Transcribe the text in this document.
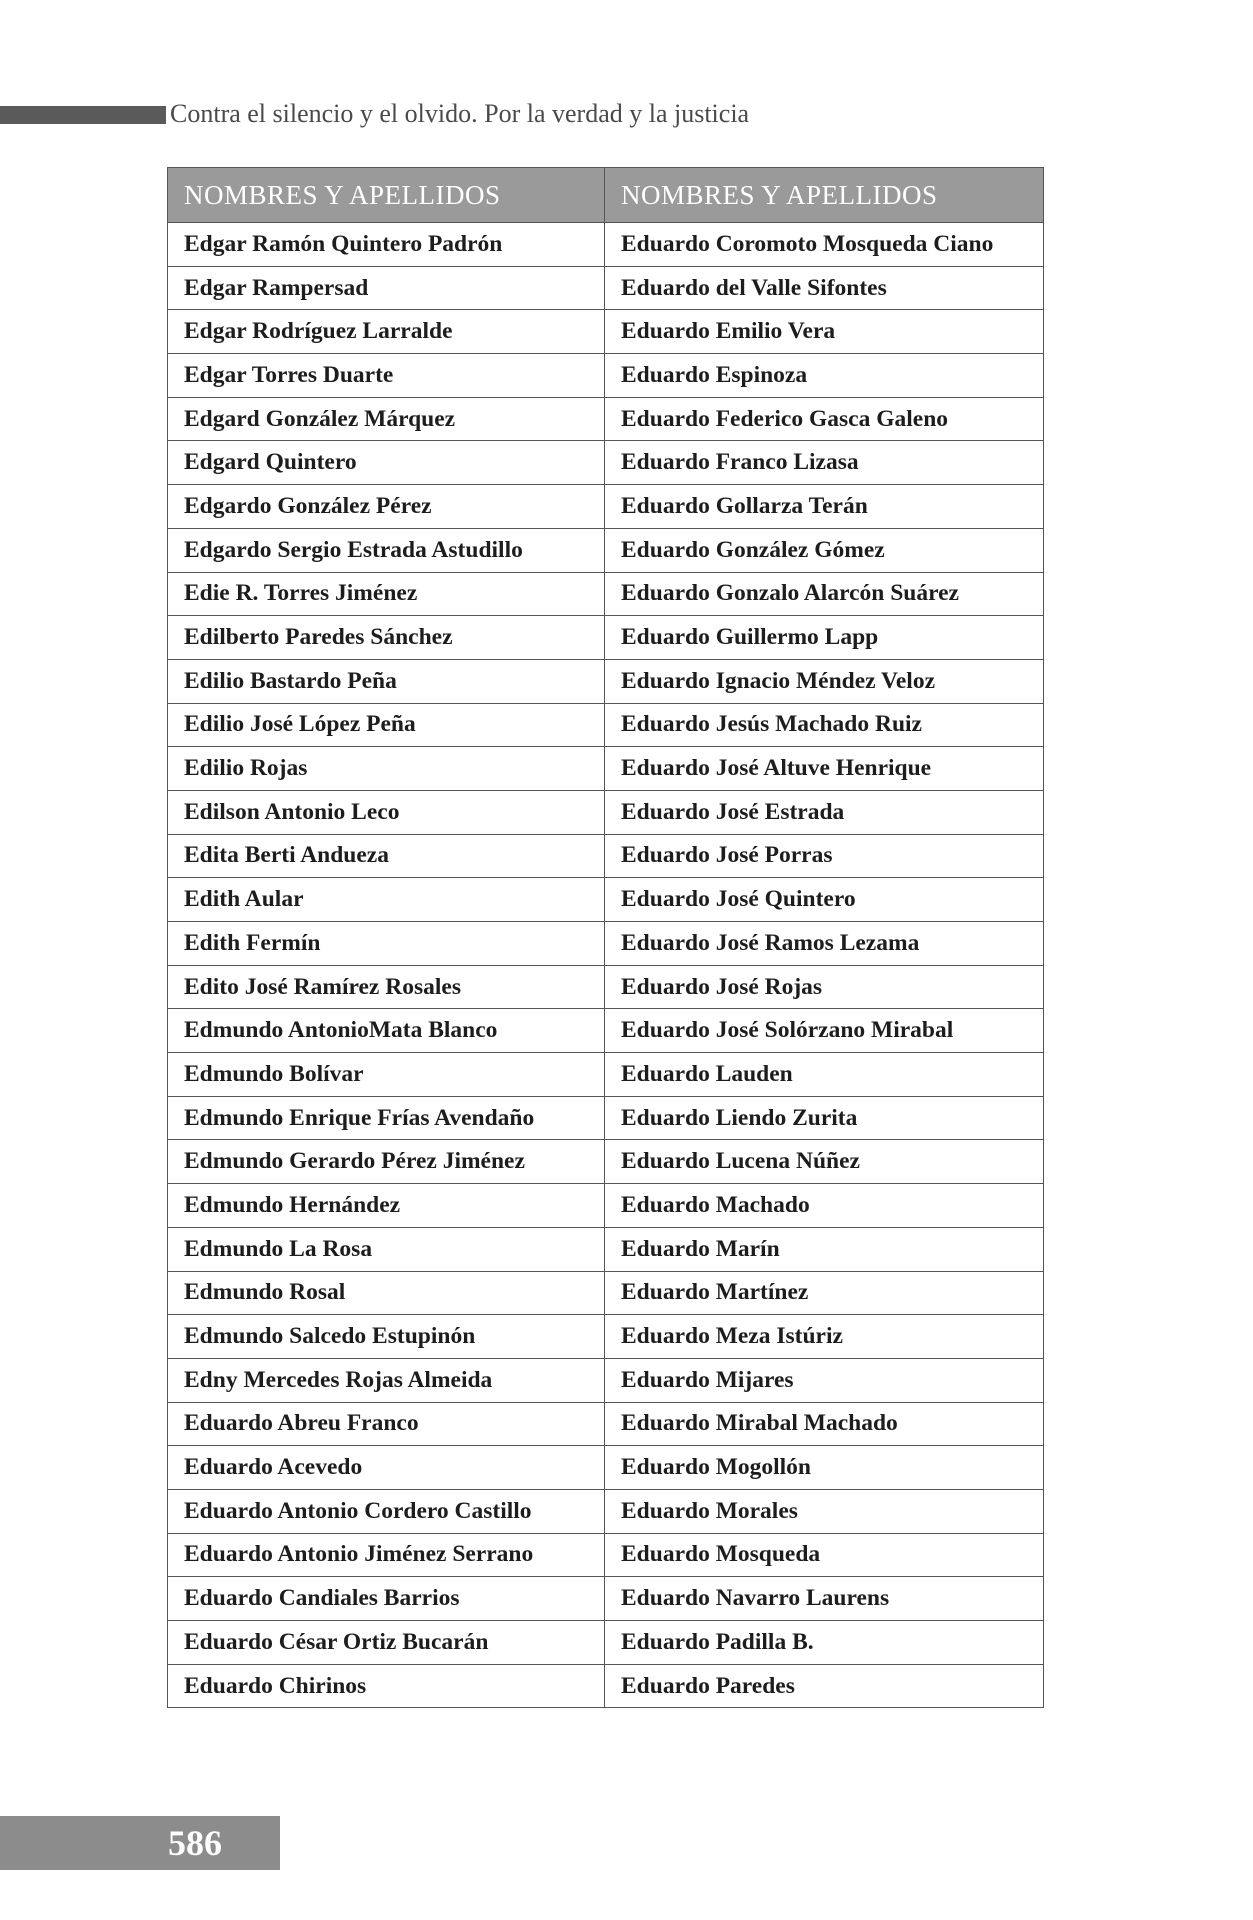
Contra el silencio y el olvido. Por la verdad y la justicia
NOMBRES Y APELLIDOS	NOMBRES Y APELLIDOS
Edgar Ramón Quintero Padrón	Eduardo Coromoto Mosqueda Ciano
Edgar Rampersad	Eduardo del Valle Sifontes
Edgar Rodríguez Larralde	Eduardo Emilio Vera
Edgar Torres Duarte	Eduardo Espinoza
Edgard González Márquez	Eduardo Federico Gasca Galeno
Edgard Quintero	Eduardo Franco Lizasa
Edgardo González Pérez	Eduardo Gollarza Terán
Edgardo Sergio Estrada Astudillo	Eduardo González Gómez
Edie R. Torres Jiménez	Eduardo Gonzalo Alarcón Suárez
Edilberto Paredes Sánchez	Eduardo Guillermo Lapp
Edilio Bastardo Peña	Eduardo Ignacio Méndez Veloz
Edilio José López Peña	Eduardo Jesús Machado Ruiz
Edilio Rojas	Eduardo José Altuve Henrique
Edilson Antonio Leco	Eduardo José Estrada
Edita Berti Andueza	Eduardo José Porras
Edith Aular	Eduardo José Quintero
Edith Fermín	Eduardo José Ramos Lezama
Edito José Ramírez Rosales	Eduardo José Rojas
Edmundo AntonioMata Blanco	Eduardo José Solórzano Mirabal
Edmundo Bolívar	Eduardo Lauden
Edmundo Enrique Frías Avendaño	Eduardo Liendo Zurita
Edmundo Gerardo Pérez Jiménez	Eduardo Lucena Núñez
Edmundo Hernández	Eduardo Machado
Edmundo La Rosa	Eduardo Marín
Edmundo Rosal	Eduardo Martínez
Edmundo Salcedo Estupinón	Eduardo Meza Istúriz
Edny Mercedes Rojas Almeida	Eduardo Mijares
Eduardo Abreu Franco	Eduardo Mirabal Machado
Eduardo Acevedo	Eduardo Mogollón
Eduardo Antonio Cordero Castillo	Eduardo Morales
Eduardo Antonio Jiménez Serrano	Eduardo Mosqueda
Eduardo Candiales Barrios	Eduardo Navarro Laurens
Eduardo César Ortiz Bucarán	Eduardo Padilla B.
Eduardo Chirinos	Eduardo Paredes
586
